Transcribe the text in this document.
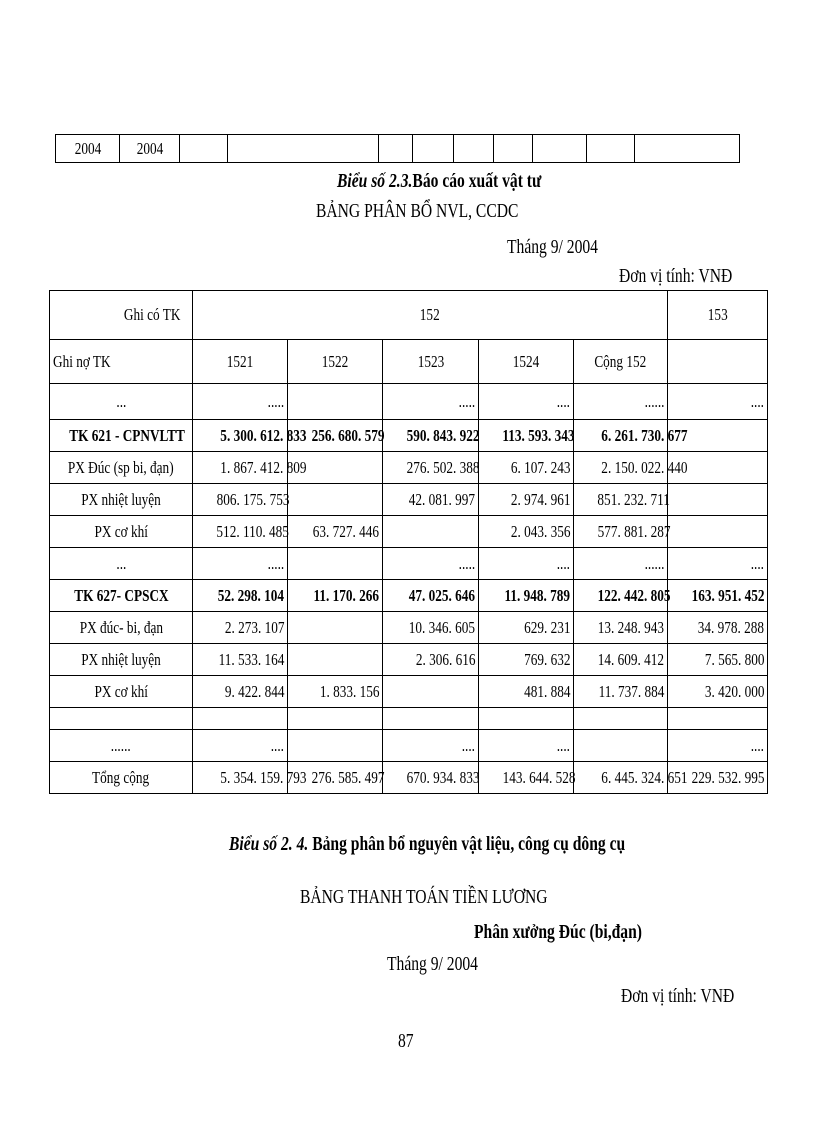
2004	2004									
Biểu số 2.3.Báo cáo xuất vật tư
BẢNG PHÂN BỔ NVL, CCDC
Tháng 9/ 2004
Đơn vị tính: VNĐ
Ghi có TK	152					153
Ghi nợ TK	1521	1522	1523	1524	Cộng 152	
...	.....		.....	....	......	....
TK 621 - CPNVLTT	5. 300. 612. 833	256. 680. 579	590. 843. 922	113. 593. 343	6. 261. 730. 677	
PX Đúc (sp bi, đạn)	1. 867. 412. 809		276. 502. 388	6. 107. 243	2. 150. 022. 440	
PX nhiệt luyện	806. 175. 753		42. 081. 997	2. 974. 961	851. 232. 711	
PX cơ khí	512. 110. 485	63. 727. 446		2. 043. 356	577. 881. 287	
...	.....		.....	....	......	....
TK 627- CPSCX	52. 298. 104	11. 170. 266	47. 025. 646	11. 948. 789	122. 442. 805	163. 951. 452
PX đúc- bi, đạn	2. 273. 107		10. 346. 605	629. 231	13. 248. 943	34. 978. 288
PX nhiệt luyện	11. 533. 164		2. 306. 616	769. 632	14. 609. 412	7. 565. 800
PX cơ khí	9. 422. 844	1. 833. 156		481. 884	11. 737. 884	3. 420. 000

......	....		....	....		....
Tổng cộng	5. 354. 159. 793	276. 585. 497	670. 934. 833	143. 644. 528	6. 445. 324. 651	229. 532. 995
Biểu số 2. 4. Bảng phân bổ nguyên vật liệu, công cụ dông cụ
BẢNG THANH TOÁN TIỀN LƯƠNG
Phân xưởng Đúc (bi,đạn)
Tháng 9/ 2004
Đơn vị tính: VNĐ
87
